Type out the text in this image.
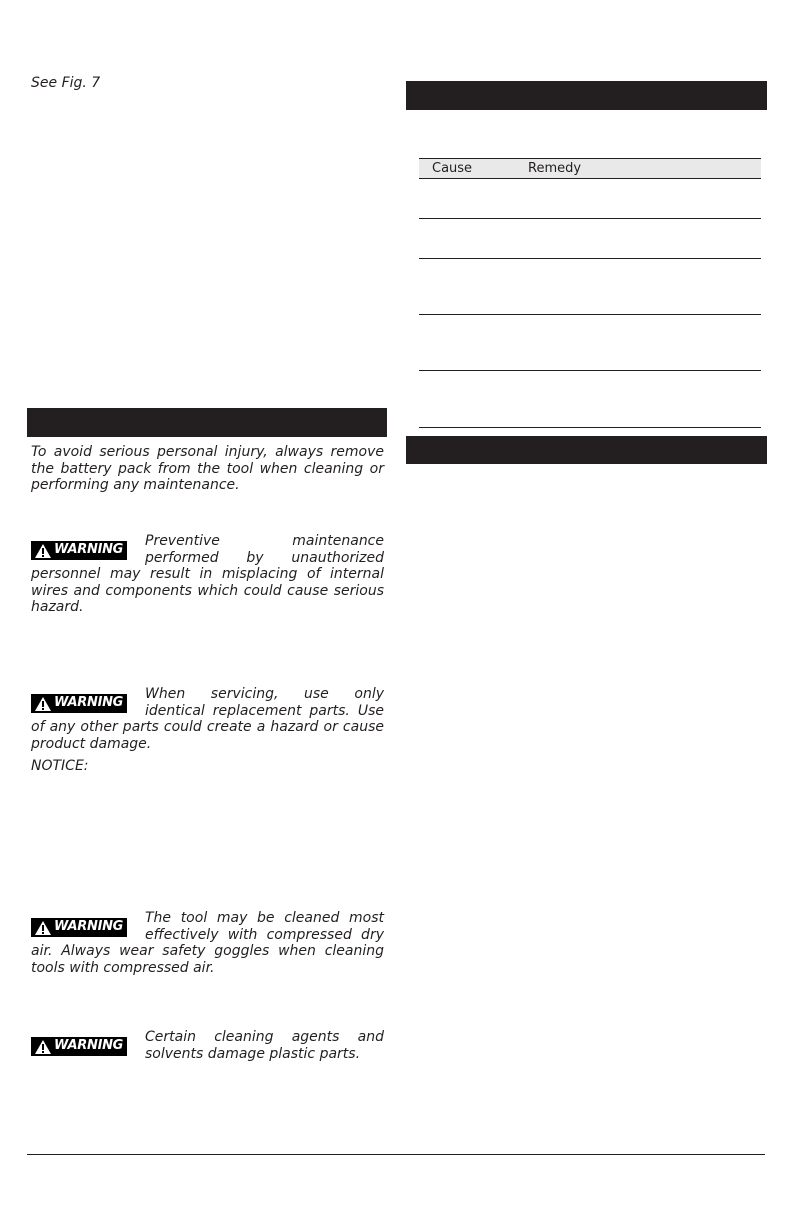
See Fig. 7
To avoid serious personal injury, always remove the battery pack from the tool when cleaning or performing any maintenance.
WARNING
Preventive maintenance performed by unauthorized personnel may result in misplacing of internal wires and components which could cause serious hazard.
WARNING
When servicing, use only identical replacement parts. Use of any other parts could create a hazard or cause product damage.
NOTICE:
WARNING
The tool may be cleaned most effectively with compressed dry air. Always wear safety goggles when cleaning tools with compressed air.
WARNING
Certain cleaning agents and solvents damage plastic parts.
Cause	Remedy
